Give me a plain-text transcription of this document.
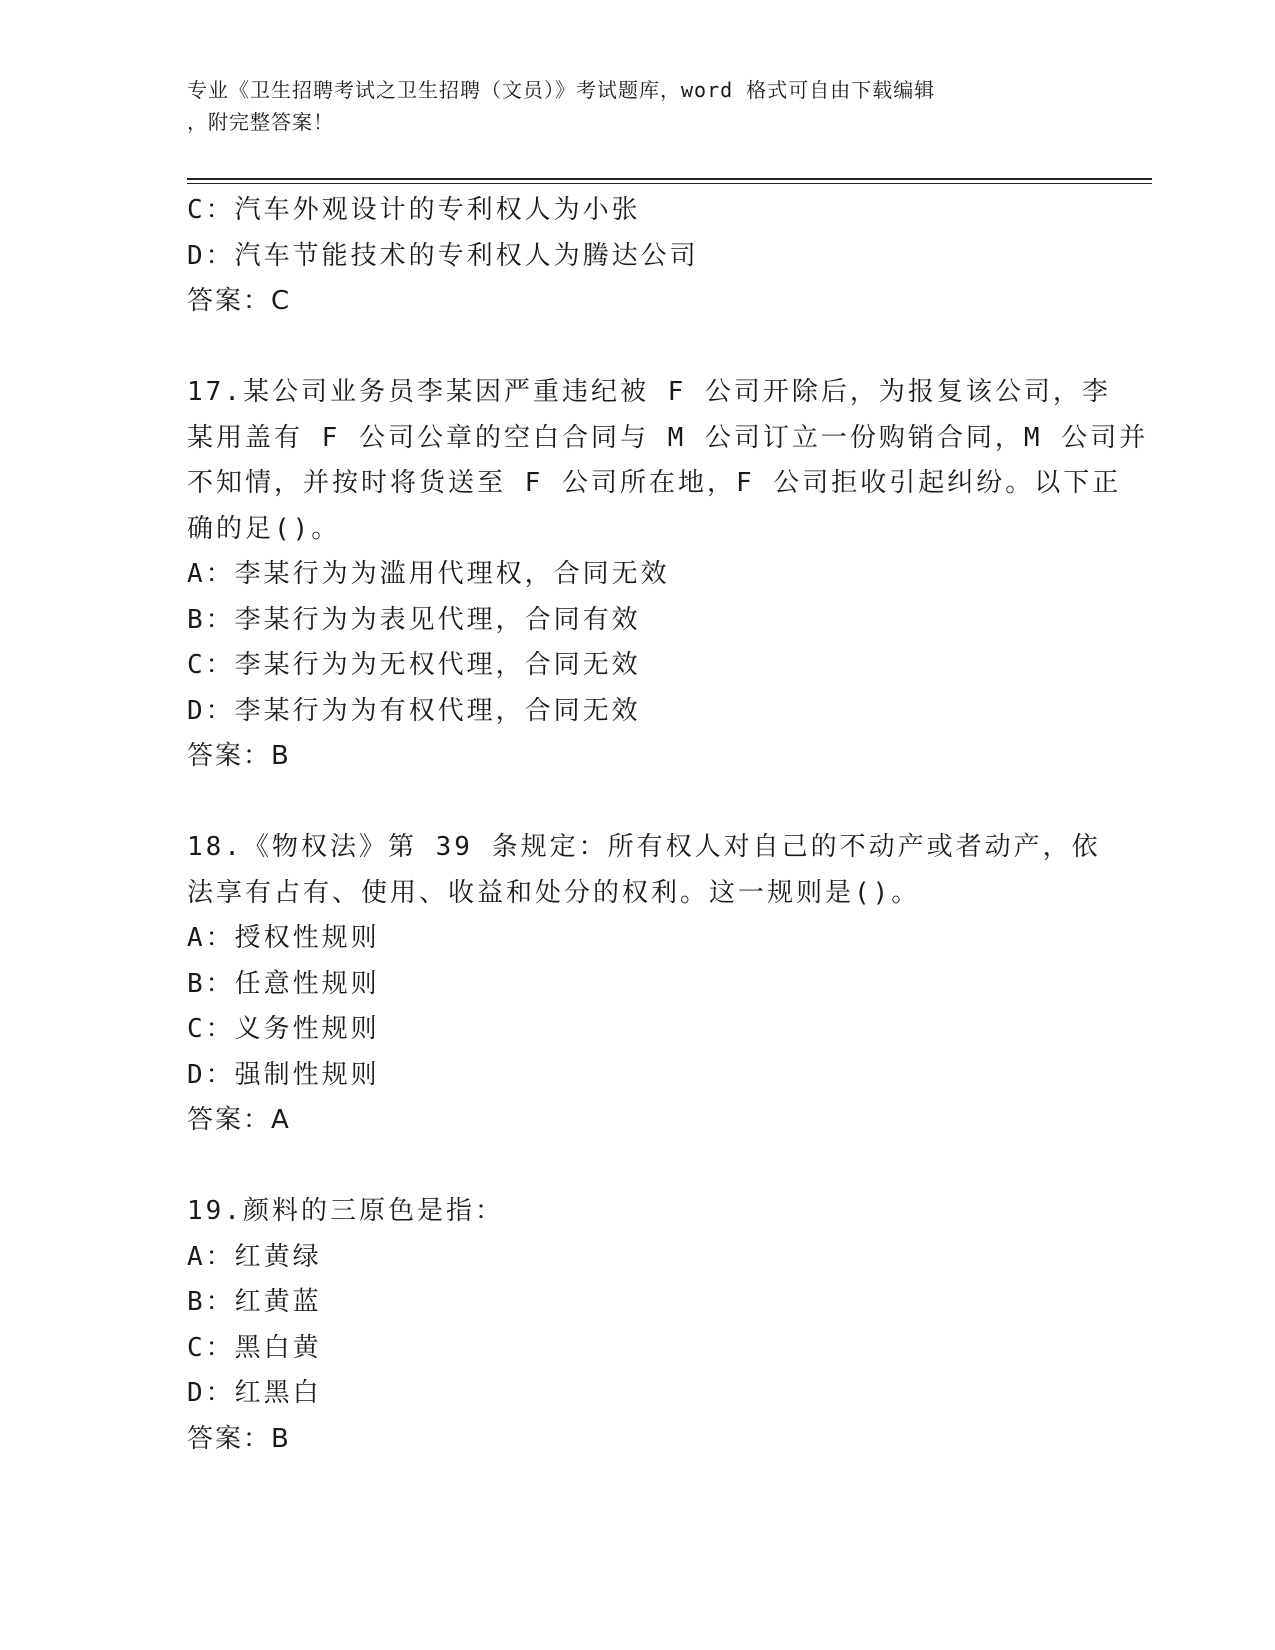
专业《卫生招聘考试之卫生招聘（文员）》考试题库，word 格式可自由下载编辑
，附完整答案！
C：汽车外观设计的专利权人为小张
D：汽车节能技术的专利权人为腾达公司
答案：C
17.某公司业务员李某因严重违纪被 F 公司开除后，为报复该公司，李
某用盖有 F 公司公章的空白合同与 M 公司订立一份购销合同，M 公司并
不知情，并按时将货送至 F 公司所在地，F 公司拒收引起纠纷。以下正
确的足()。
A：李某行为为滥用代理权，合同无效
B：李某行为为表见代理，合同有效
C：李某行为为无权代理，合同无效
D：李某行为为有权代理，合同无效
答案：B
18.《物权法》第 39 条规定：所有权人对自己的不动产或者动产，依
法享有占有、使用、收益和处分的权利。这一规则是()。
A：授权性规则
B：任意性规则
C：义务性规则
D：强制性规则
答案：A
19.颜料的三原色是指：
A：红黄绿
B：红黄蓝
C：黑白黄
D：红黑白
答案：B
